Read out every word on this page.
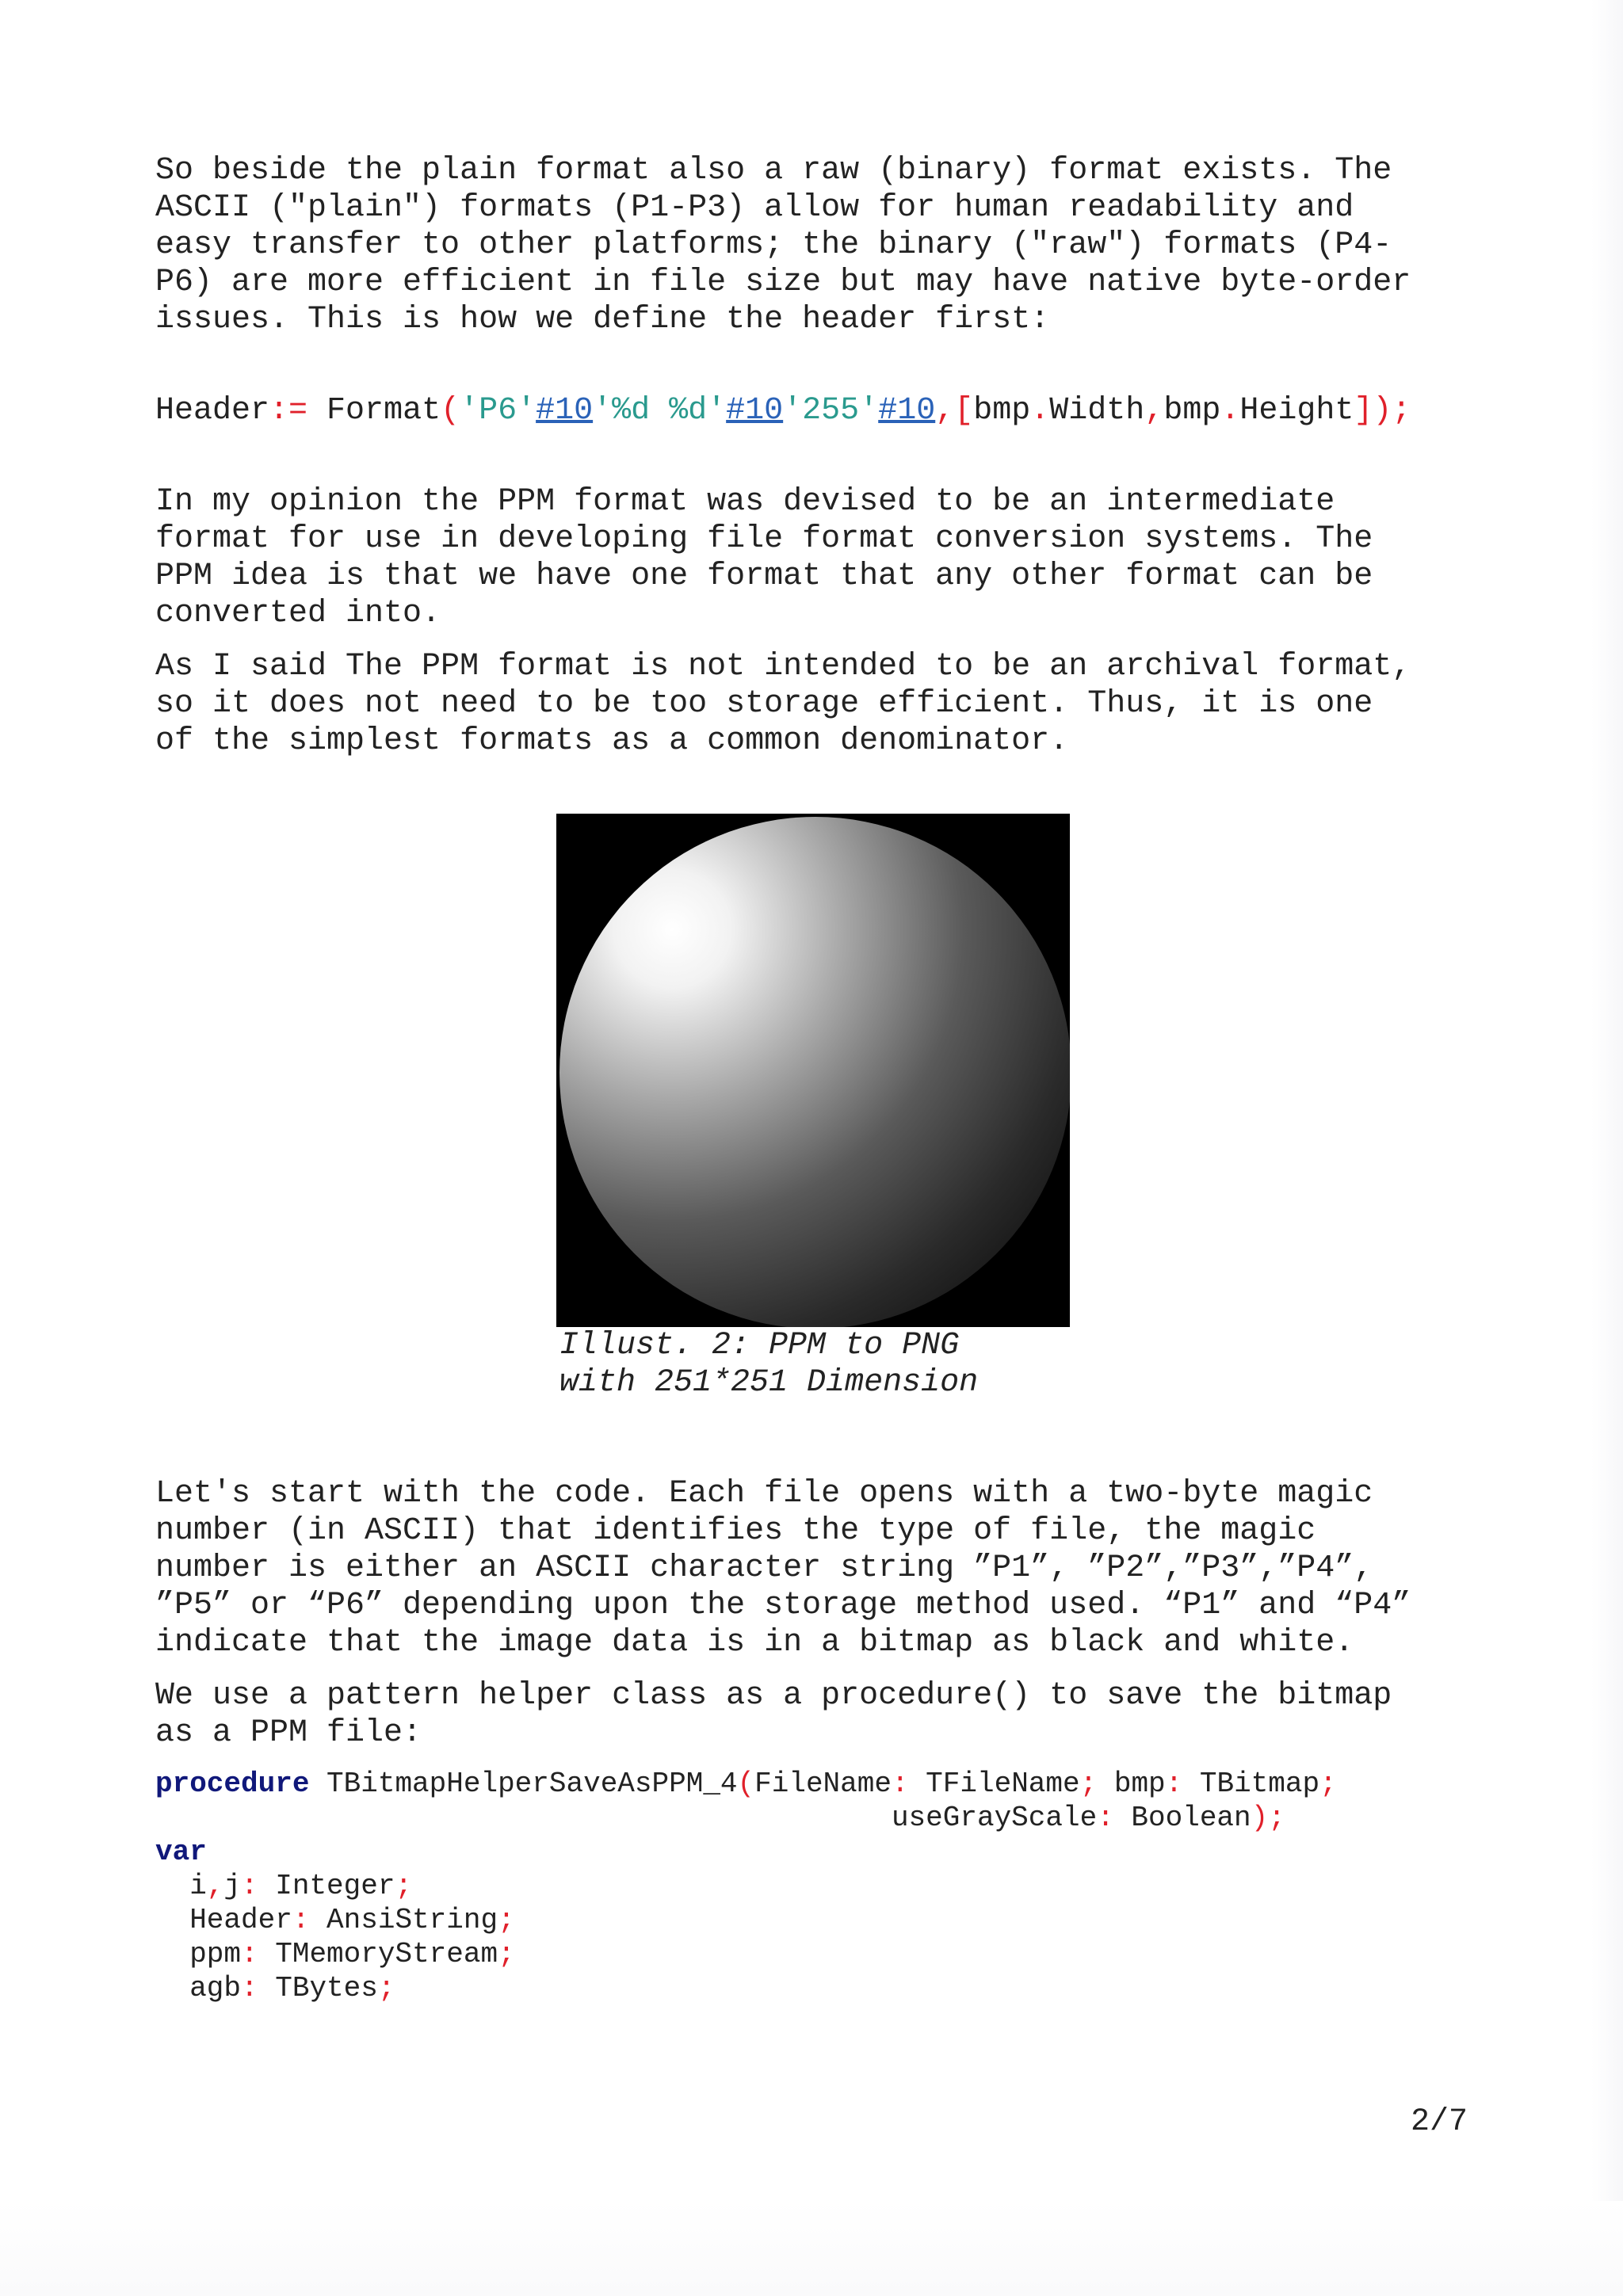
So beside the plain format also a raw (binary) format exists. The

ASCII ("plain") formats (P1-P3) allow for human readability and

easy transfer to other platforms; the binary ("raw") formats (P4-

P6) are more efficient in file size but may have native byte-order

issues. This is how we define the header first:

Header:= Format('P6'#10'%d %d'#10'255'#10,[bmp.Width,bmp.Height]);

In my opinion the PPM format was devised to be an intermediate

format for use in developing file format conversion systems. The

PPM idea is that we have one format that any other format can be

converted into.

As I said The PPM format is not intended to be an archival format,

so it does not need to be too storage efficient. Thus, it is one

of the simplest formats as a common denominator.

Illust. 2: PPM to PNG

with 251*251 Dimension

Let's start with the code. Each file opens with a two-byte magic

number (in ASCII) that identifies the type of file, the magic

number is either an ASCII character string ”P1”, ”P2”,”P3”,”P4”,

”P5” or “P6” depending upon the storage method used. “P1” and “P4”

indicate that the image data is in a bitmap as black and white.

We use a pattern helper class as a procedure() to save the bitmap

as a PPM file:

procedure TBitmapHelperSaveAsPPM_4(FileName: TFileName; bmp: TBitmap;

useGrayScale: Boolean);

var

i,j: Integer;

Header: AnsiString;

ppm: TMemoryStream;

agb: TBytes;

2/7
